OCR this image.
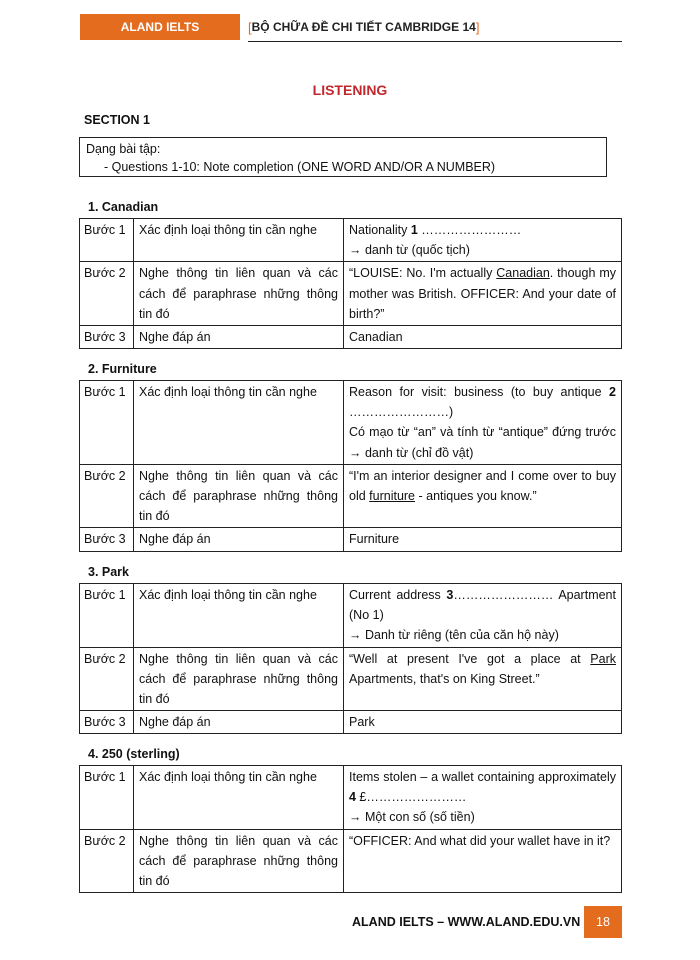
ALAND IELTS	[ BỘ CHỮA ĐỀ CHI TIẾT CAMBRIDGE 14 ]
LISTENING
SECTION 1
Dạng bài tập:
- Questions 1-10: Note completion (ONE WORD AND/OR A NUMBER)
1. Canadian
Bước 1	Xác định loại thông tin cần nghe	Nationality 1 ……………………
→ danh từ (quốc tịch)
Bước 2	Nghe thông tin liên quan và các cách để paraphrase những thông tin đó	“LOUISE: No. I'm actually Canadian. though my mother was British. OFFICER: And your date of birth?”
Bước 3	Nghe đáp án	Canadian
2. Furniture
Bước 1	Xác định loại thông tin cần nghe	Reason for visit: business (to buy antique 2 ……………………)
Có mạo từ “an” và tính từ “antique” đứng trước → danh từ (chỉ đồ vật)
Bước 2	Nghe thông tin liên quan và các cách để paraphrase những thông tin đó	“I'm an interior designer and I come over to buy old furniture - antiques you know.”
Bước 3	Nghe đáp án	Furniture
3. Park
Bước 1	Xác định loại thông tin cần nghe	Current address 3…………………… Apartment (No 1)
→ Danh từ riêng (tên của căn hộ này)
Bước 2	Nghe thông tin liên quan và các cách để paraphrase những thông tin đó	“Well at present I've got a place at Park Apartments, that's on King Street.”
Bước 3	Nghe đáp án	Park
4. 250 (sterling)
Bước 1	Xác định loại thông tin cần nghe	Items stolen – a wallet containing approximately 4 £……………………
→ Một con số (số tiền)
Bước 2	Nghe thông tin liên quan và các cách để paraphrase những thông tin đó	“OFFICER: And what did your wallet have in it?
ALAND IELTS – WWW.ALAND.EDU.VN	18
